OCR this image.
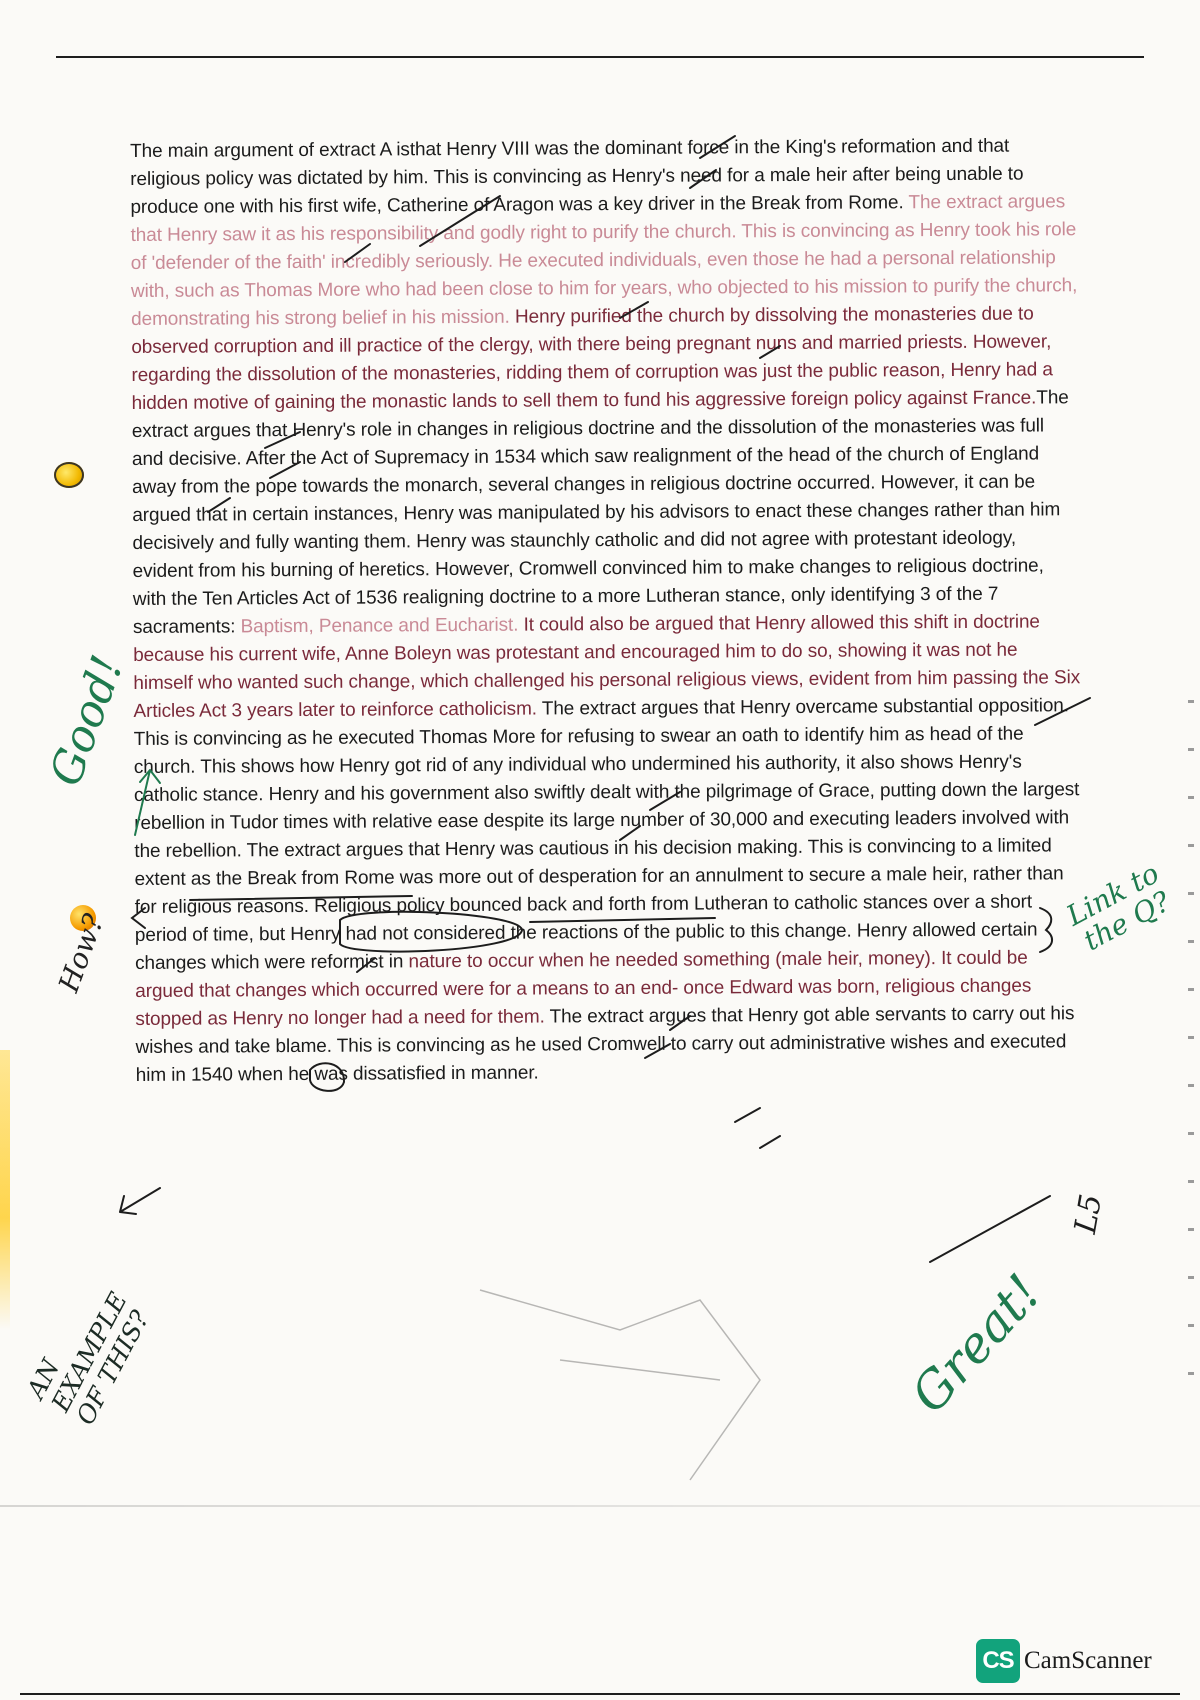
The main argument of extract A isthat Henry VIII was the dominant force in the King's reformation and that religious policy was dictated by him. This is convincing as Henry's need for a male heir after being unable to produce one with his first wife, Catherine of Aragon was a key driver in the Break from Rome. The extract argues that Henry saw it as his responsibility and godly right to purify the church. This is convincing as Henry took his role of 'defender of the faith' incredibly seriously. He executed individuals, even those he had a personal relationship with, such as Thomas More who had been close to him for years, who objected to his mission to purify the church, demonstrating his strong belief in his mission. Henry purified the church by dissolving the monasteries due to observed corruption and ill practice of the clergy, with there being pregnant nuns and married priests. However, regarding the dissolution of the monasteries, ridding them of corruption was just the public reason, Henry had a hidden motive of gaining the monastic lands to sell them to fund his aggressive foreign policy against France.The extract argues that Henry's role in changes in religious doctrine and the dissolution of the monasteries was full and decisive. After the Act of Supremacy in 1534 which saw realignment of the head of the church of England away from the pope towards the monarch, several changes in religious doctrine occurred. However, it can be argued that in certain instances, Henry was manipulated by his advisors to enact these changes rather than him decisively and fully wanting them. Henry was staunchly catholic and did not agree with protestant ideology, evident from his burning of heretics. However, Cromwell convinced him to make changes to religious doctrine, with the Ten Articles Act of 1536 realigning doctrine to a more Lutheran stance, only identifying 3 of the 7 sacraments: Baptism, Penance and Eucharist. It could also be argued that Henry allowed this shift in doctrine because his current wife, Anne Boleyn was protestant and encouraged him to do so, showing it was not he himself who wanted such change, which challenged his personal religious views, evident from him passing the Six Articles Act 3 years later to reinforce catholicism. The extract argues that Henry overcame substantial opposition. This is convincing as he executed Thomas More for refusing to swear an oath to identify him as head of the church. This shows how Henry got rid of any individual who undermined his authority, it also shows Henry's catholic stance. Henry and his government also swiftly dealt with the pilgrimage of Grace, putting down the largest rebellion in Tudor times with relative ease despite its large number of 30,000 and executing leaders involved with the rebellion. The extract argues that Henry was cautious in his decision making. This is convincing to a limited extent as the Break from Rome was more out of desperation for an annulment to secure a male heir, rather than for religious reasons. Religious policy bounced back and forth from Lutheran to catholic stances over a short period of time, but Henry had not considered the reactions of the public to this change. Henry allowed certain changes which were reformist in nature to occur when he needed something (male heir, money). It could be argued that changes which occurred were for a means to an end- once Edward was born, religious changes stopped as Henry no longer had a need for them. The extract argues that Henry got able servants to carry out his wishes and take blame. This is convincing as he used Cromwell to carry out administrative wishes and executed him in 1540 when he was dissatisfied in manner.

Good!
How?
Link to
the Q?
L5
Great!
AN
EXAMPLE
OF THIS?
CS CamScanner
